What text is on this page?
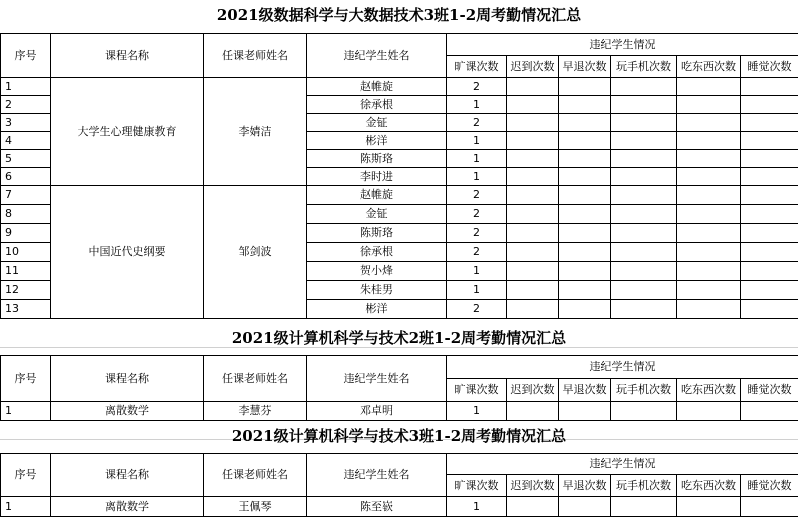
2021级数据科学与大数据技术3班1-2周考勤情况汇总
序号	课程名称	任课老师姓名	违纪学生姓名	违纪学生情况					
				旷课次数	迟到次数	早退次数	玩手机次数	吃东西次数	睡觉次数
1	大学生心理健康教育	李婧洁	赵帷旋	2					
2			徐承根	1					
3			金钲	2					
4			彬洋	1					
5			陈斯珞	1					
6			李时进	1					
7	中国近代史纲要	邹剑波	赵帷旋	2					
8			金钲	2					
9			陈斯珞	2					
10			徐承根	2					
11			贺小烽	1					
12			朱桂男	1					
13			彬洋	2					
2021级计算机科学与技术2班1-2周考勤情况汇总
序号	课程名称	任课老师姓名	违纪学生姓名	违纪学生情况					
				旷课次数	迟到次数	早退次数	玩手机次数	吃东西次数	睡觉次数
1	离散数学	李慧芬	邓卓明	1					
2021级计算机科学与技术3班1-2周考勤情况汇总
序号	课程名称	任课老师姓名	违纪学生姓名	违纪学生情况					
				旷课次数	迟到次数	早退次数	玩手机次数	吃东西次数	睡觉次数
1	离散数学	王佩琴	陈至嵚	1					
